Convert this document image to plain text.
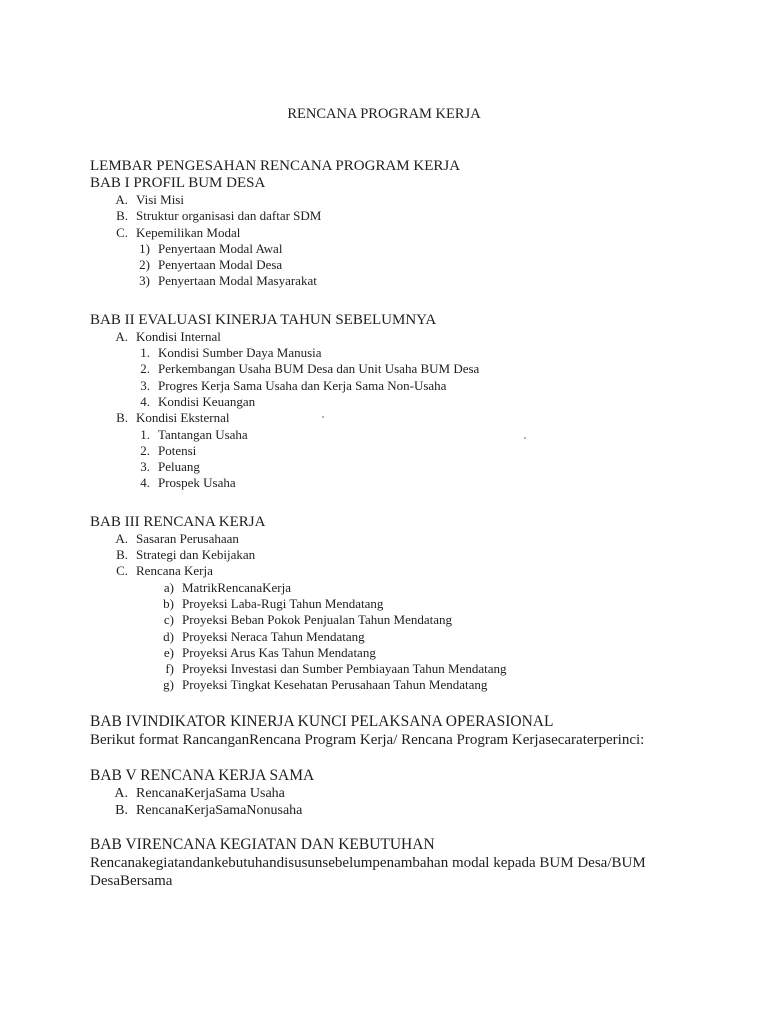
RENCANA PROGRAM KERJA
LEMBAR PENGESAHAN RENCANA PROGRAM KERJA
BAB I PROFIL BUM DESA
A. Visi Misi
B. Struktur organisasi dan daftar SDM
C. Kepemilikan Modal
1) Penyertaan Modal Awal
2) Penyertaan Modal Desa
3) Penyertaan Modal Masyarakat
BAB II EVALUASI KINERJA TAHUN SEBELUMNYA
A. Kondisi Internal
1. Kondisi Sumber Daya Manusia
2. Perkembangan Usaha BUM Desa dan Unit Usaha BUM Desa
3. Progres Kerja Sama Usaha dan Kerja Sama Non-Usaha
4. Kondisi Keuangan
B. Kondisi Eksternal
1. Tantangan Usaha
2. Potensi
3. Peluang
4. Prospek Usaha
BAB III RENCANA KERJA
A. Sasaran Perusahaan
B. Strategi dan Kebijakan
C. Rencana Kerja
a) MatrikRencanaKerja
b) Proyeksi Laba-Rugi Tahun Mendatang
c) Proyeksi Beban Pokok Penjualan Tahun Mendatang
d) Proyeksi Neraca Tahun Mendatang
e) Proyeksi Arus Kas Tahun Mendatang
f) Proyeksi Investasi dan Sumber Pembiayaan Tahun Mendatang
g) Proyeksi Tingkat Kesehatan Perusahaan Tahun Mendatang
BAB IVINDIKATOR KINERJA KUNCI PELAKSANA OPERASIONAL
Berikut format RancanganRencana Program Kerja/ Rencana Program Kerjasecaraterperinci:
BAB V RENCANA KERJA SAMA
A. RencanaKerjaSama Usaha
B. RencanaKerjaSamaNonusaha
BAB VIRENCANA KEGIATAN DAN KEBUTUHAN
Rencanakegiatandankebutuhandisusunsebelumpenambahan modal kepada BUM Desa/BUM
DesaBersama
